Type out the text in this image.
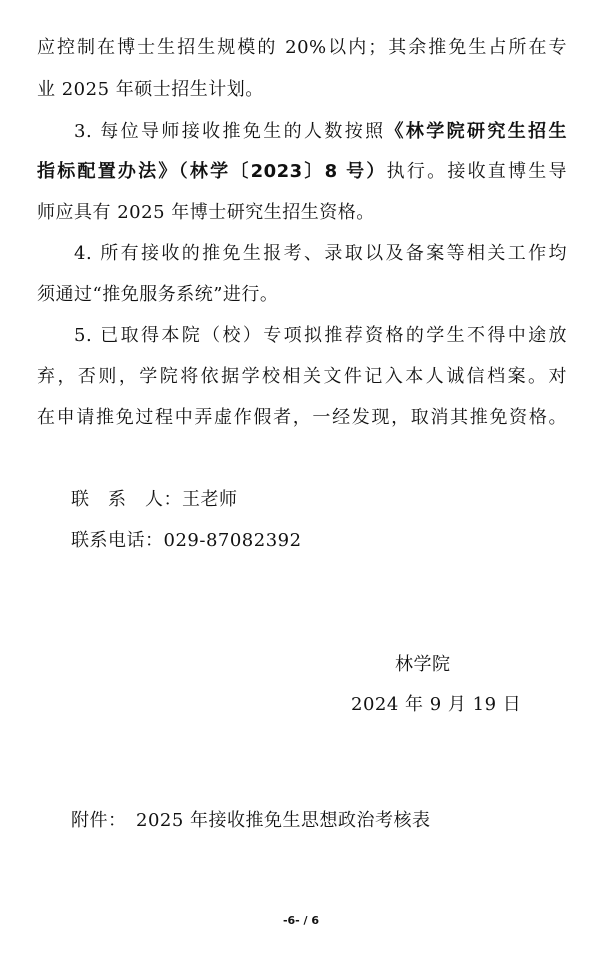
应控制在博士生招生规模的 20%以内；其余推免生占所在专
业 2025 年硕士招生计划。
3. 每位导师接收推免生的人数按照《林学院研究生招生
指标配置办法》（林学〔2023〕8 号）执行。接收直博生导
师应具有 2025 年博士研究生招生资格。
4. 所有接收的推免生报考、录取以及备案等相关工作均
须通过“推免服务系统”进行。
5. 已取得本院（校）专项拟推荐资格的学生不得中途放
弃，否则，学院将依据学校相关文件记入本人诚信档案。对
在申请推免过程中弄虚作假者，一经发现，取消其推免资格。
联　系　人：王老师
联系电话：029-87082392
林学院
2024 年 9 月 19 日
附件：　2025 年接收推免生思想政治考核表
-6- / 6
